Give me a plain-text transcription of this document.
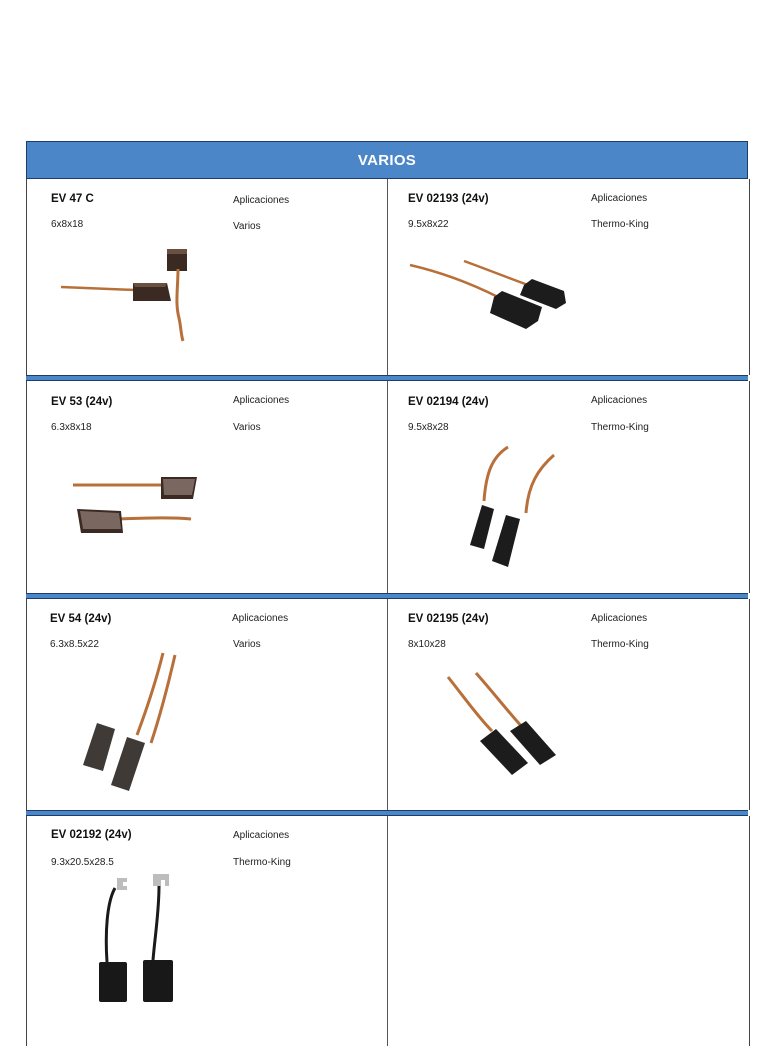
VARIOS
EV 47 C
6x8x18
Aplicaciones
Varios
EV 02193 (24v)
9.5x8x22
Aplicaciones
Thermo-King
EV 53 (24v)
6.3x8x18
Aplicaciones
Varios
EV 02194 (24v)
9.5x8x28
Aplicaciones
Thermo-King
EV 54 (24v)
6.3x8.5x22
Aplicaciones
Varios
EV 02195 (24v)
8x10x28
Aplicaciones
Thermo-King
EV 02192 (24v)
9.3x20.5x28.5
Aplicaciones
Thermo-King
